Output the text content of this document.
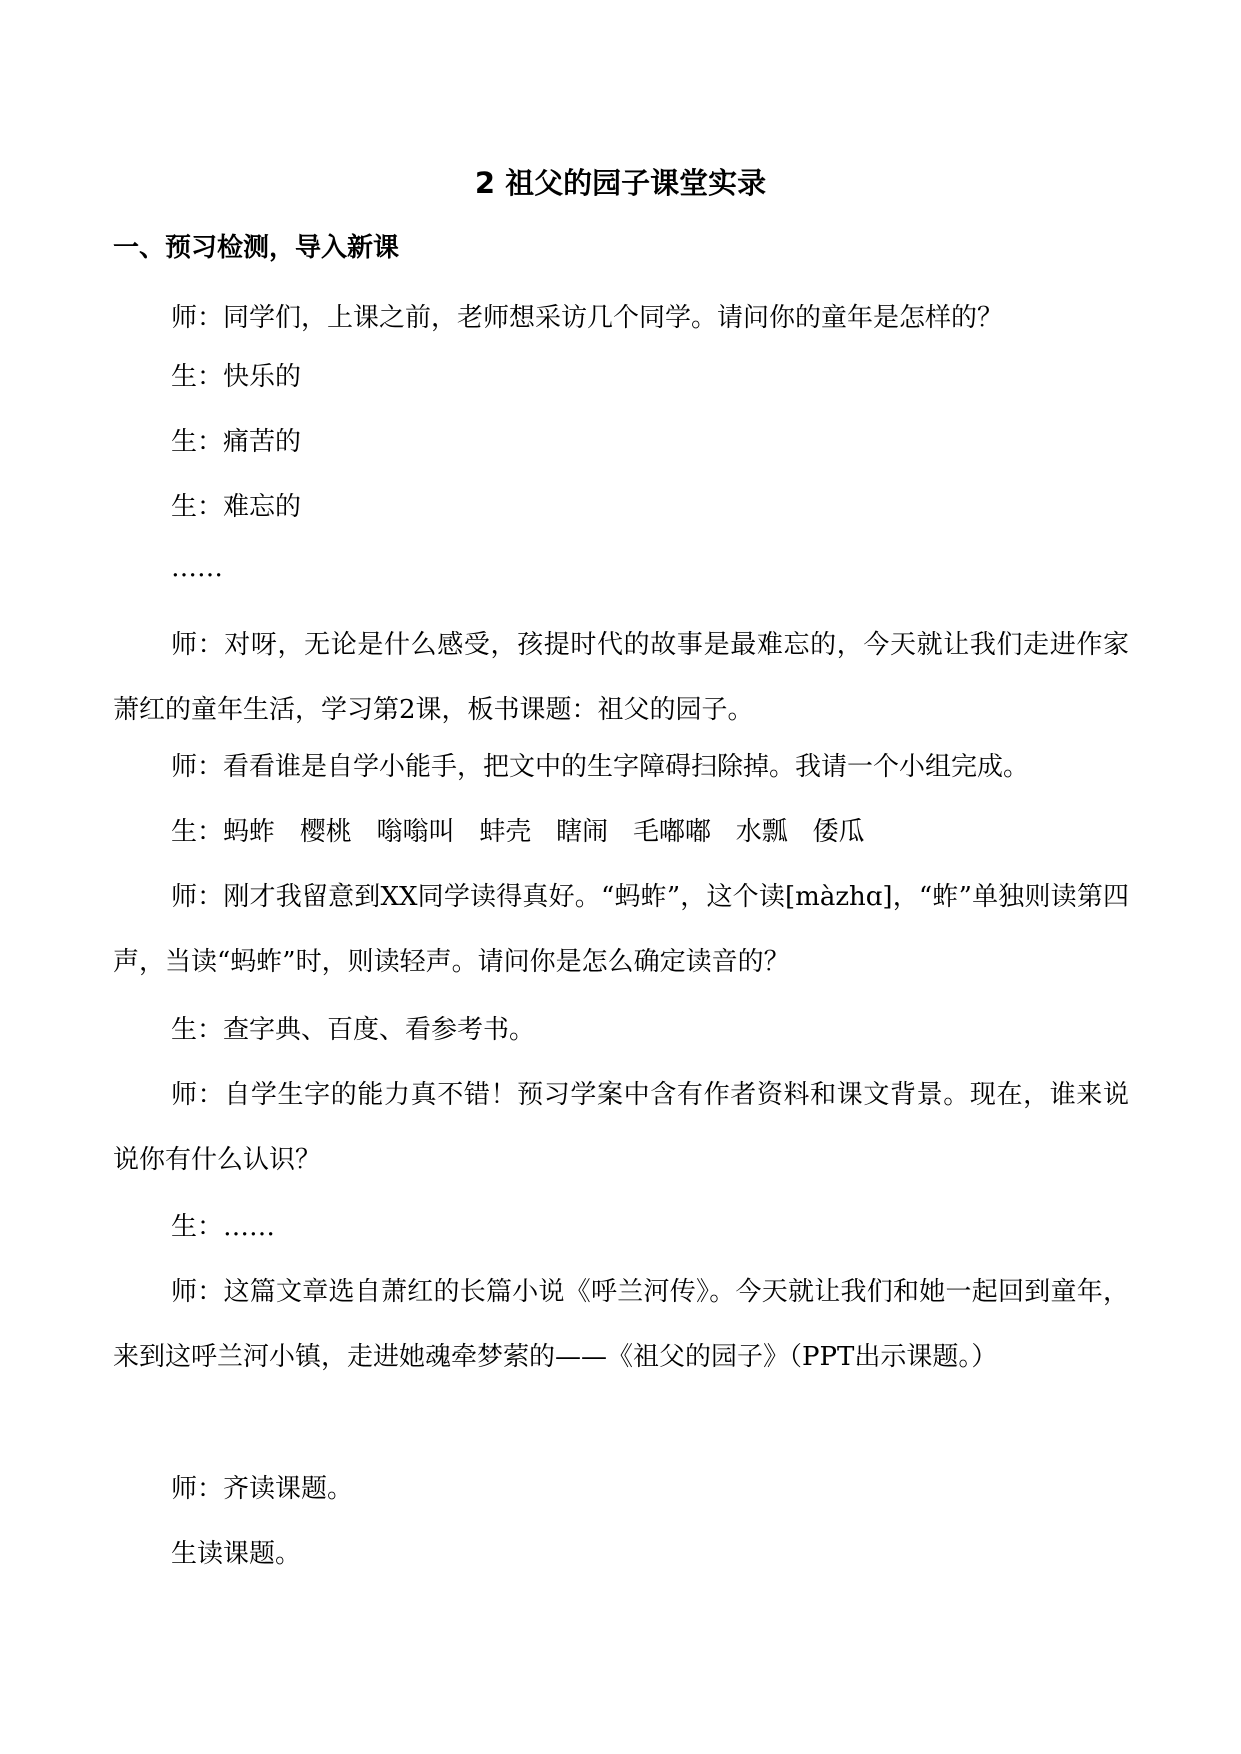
2 祖父的园子课堂实录
一、预习检测，导入新课
师：同学们，上课之前，老师想采访几个同学。请问你的童年是怎样的？
生：快乐的
生：痛苦的
生：难忘的
……
师：对呀，无论是什么感受，孩提时代的故事是最难忘的，今天就让我们走进作家萧红的童年生活，学习第2课，板书课题：祖父的园子。
师：看看谁是自学小能手，把文中的生字障碍扫除掉。我请一个小组完成。
生：蚂蚱   樱桃   嗡嗡叫   蚌壳   瞎闹   毛嘟嘟   水瓢   倭瓜
师：刚才我留意到XX同学读得真好。“蚂蚱”，这个读[màzhɑ]，“蚱”单独则读第四声，当读“蚂蚱”时，则读轻声。请问你是怎么确定读音的？
生：查字典、百度、看参考书。
师：自学生字的能力真不错！预习学案中含有作者资料和课文背景。现在，谁来说说你有什么认识？
生：……
师：这篇文章选自萧红的长篇小说《呼兰河传》。今天就让我们和她一起回到童年，来到这呼兰河小镇，走进她魂牵梦萦的——《祖父的园子》（PPT出示课题。）
师：齐读课题。
生读课题。
